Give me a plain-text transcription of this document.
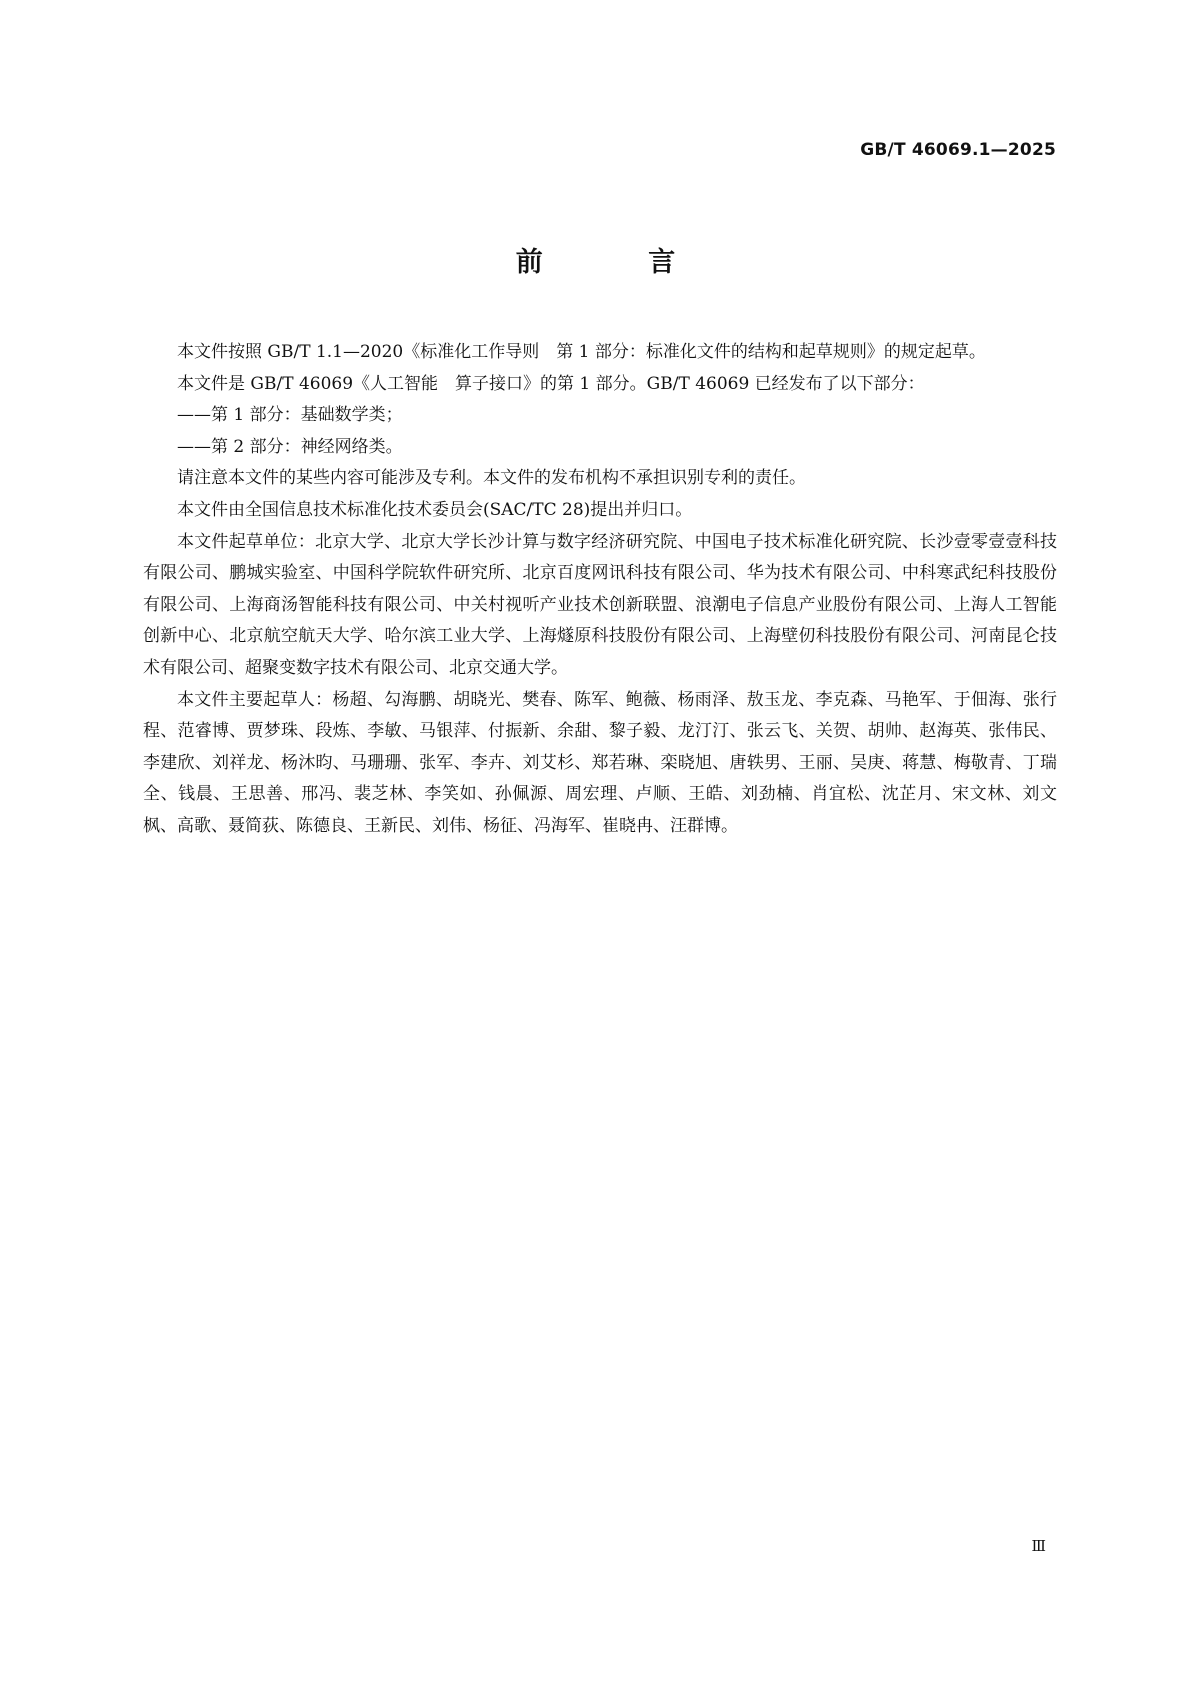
GB/T 46069.1—2025
前 言

本文件按照 GB/T 1.1—2020《标准化工作导则　第 1 部分：标准化文件的结构和起草规则》的规定起草。

本文件是 GB/T 46069《人工智能　算子接口》的第 1 部分。GB/T 46069 已经发布了以下部分：

——第 1 部分：基础数学类；

——第 2 部分：神经网络类。

请注意本文件的某些内容可能涉及专利。本文件的发布机构不承担识别专利的责任。

本文件由全国信息技术标准化技术委员会(SAC/TC 28)提出并归口。

本文件起草单位：北京大学、北京大学长沙计算与数字经济研究院、中国电子技术标准化研究院、长沙壹零壹壹科技有限公司、鹏城实验室、中国科学院软件研究所、北京百度网讯科技有限公司、华为技术有限公司、中科寒武纪科技股份有限公司、上海商汤智能科技有限公司、中关村视听产业技术创新联盟、浪潮电子信息产业股份有限公司、上海人工智能创新中心、北京航空航天大学、哈尔滨工业大学、上海燧原科技股份有限公司、上海壁仞科技股份有限公司、河南昆仑技术有限公司、超聚变数字技术有限公司、北京交通大学。

本文件主要起草人：杨超、勾海鹏、胡晓光、樊春、陈军、鲍薇、杨雨泽、敖玉龙、李克森、马艳军、于佃海、张行程、范睿博、贾梦珠、段炼、李敏、马银萍、付振新、余甜、黎子毅、龙汀汀、张云飞、关贺、胡帅、赵海英、张伟民、李建欣、刘祥龙、杨沐昀、马珊珊、张军、李卉、刘艾杉、郑若琳、栾晓旭、唐轶男、王丽、吴庚、蒋慧、梅敬青、丁瑞全、钱晨、王思善、邢冯、裴芝林、李笑如、孙佩源、周宏理、卢顺、王皓、刘劲楠、肖宜松、沈芷月、宋文林、刘文枫、高歌、聂简荻、陈德良、王新民、刘伟、杨征、冯海军、崔晓冉、汪群博。

Ⅲ
